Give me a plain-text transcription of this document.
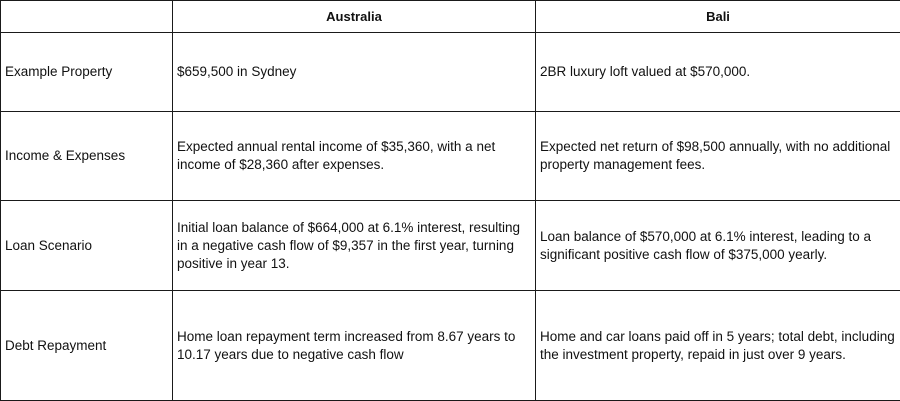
	Australia	Bali
Example Property	$659,500 in Sydney	2BR luxury loft valued at $570,000.
Income & Expenses	Expected annual rental income of $35,360, with a net income of $28,360 after expenses.	Expected net return of $98,500 annually, with no additional property management fees.
Loan Scenario	Initial loan balance of $664,000 at 6.1% interest, resulting in a negative cash flow of $9,357 in the first year, turning positive in year 13.	Loan balance of $570,000 at 6.1% interest, leading to a significant positive cash flow of $375,000 yearly.
Debt Repayment	Home loan repayment term increased from 8.67 years to 10.17 years due to negative cash flow	Home and car loans paid off in 5 years; total debt, including the investment property, repaid in just over 9 years.
